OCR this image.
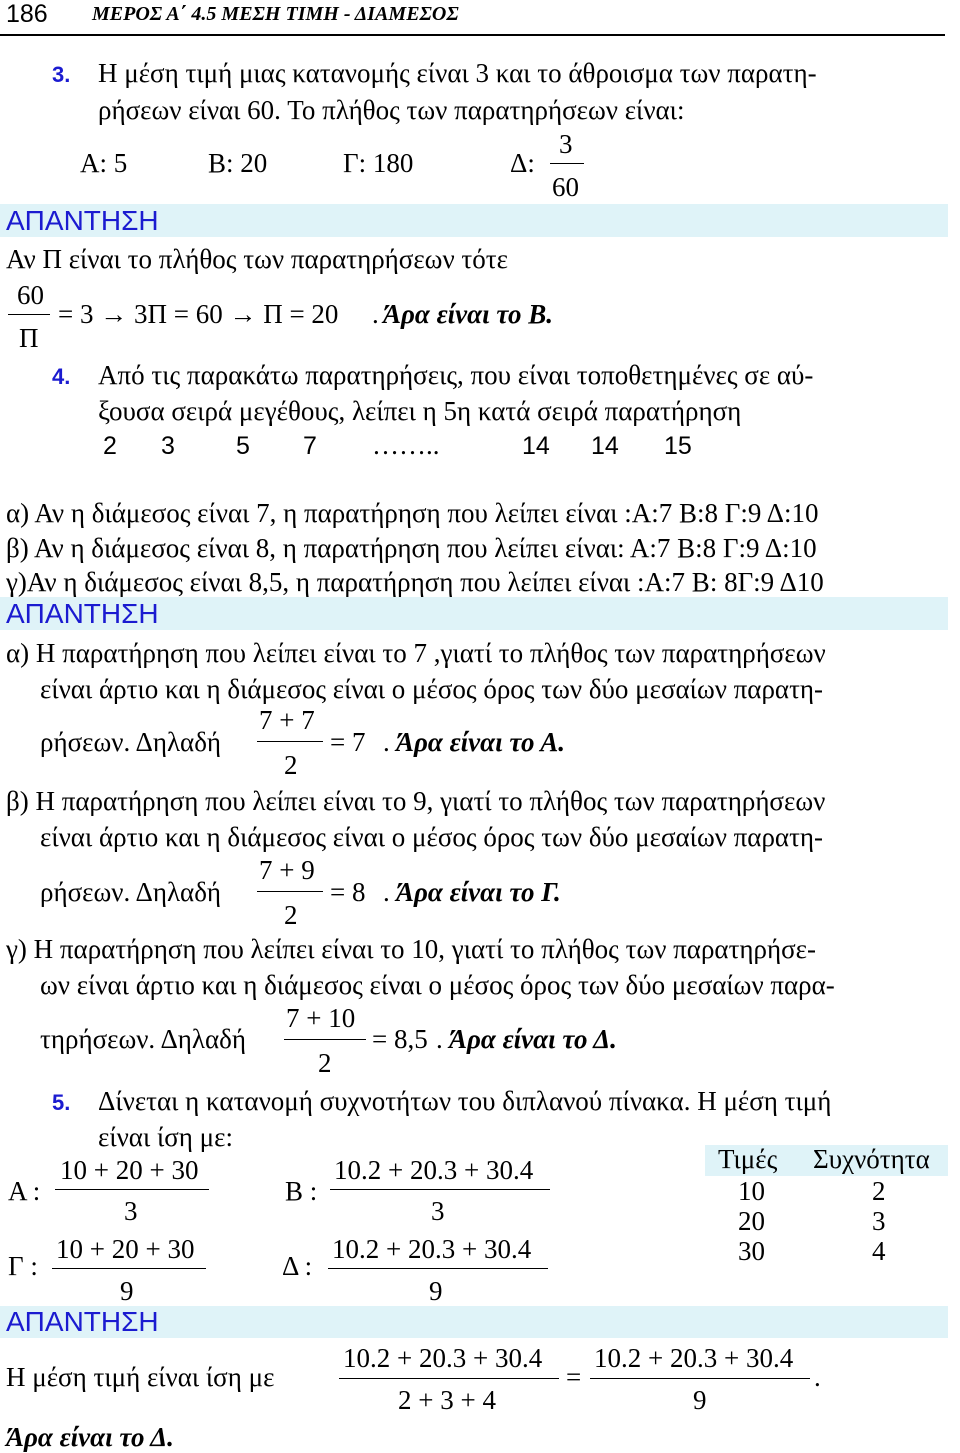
186 ΜΕΡΟΣ Α΄ 4.5 ΜΕΣΗ ΤΙΜΗ - ΔΙΑΜΕΣΟΣ
3. Η μέση τιμή μιας κατανομής είναι 3 και το άθροισμα των παρατη-
ρήσεων είναι 60. Το πλήθος των παρατηρήσεων είναι:
Α: 5	Β: 20	Γ: 180	Δ:
3
60
ΑΠΑΝΤΗΣΗ
Αν Π είναι το πλήθος των παρατηρήσεων τότε
60
Π
= 3 → 3Π = 60 → Π = 20 . Άρα είναι το Β.
4. Από τις παρακάτω παρατηρήσεις, που είναι τοποθετημένες σε αύ-
ξουσα σειρά μεγέθους, λείπει η 5η κατά σειρά παρατήρηση
2 3 5 7 ……..	14 14 15
α) Αν η διάμεσος είναι 7, η παρατήρηση που λείπει είναι :Α:7 Β:8 Γ:9 Δ:10
β) Αν η διάμεσος είναι 8, η παρατήρηση που λείπει είναι: Α:7 Β:8 Γ:9 Δ:10
γ)Αν η διάμεσος είναι 8,5, η παρατήρηση που λείπει είναι :Α:7 Β: 8Γ:9 Δ10
ΑΠΑΝΤΗΣΗ
α) Η παρατήρηση που λείπει είναι το 7 ,γιατί το πλήθος των παρατηρήσεων
είναι άρτιο και η διάμεσος είναι ο μέσος όρος των δύο μεσαίων παρατη-
ρήσεων. Δηλαδή
7 + 7
2
= 7 . Άρα είναι το Α.
β) Η παρατήρηση που λείπει είναι το 9, γιατί το πλήθος των παρατηρήσεων
είναι άρτιο και η διάμεσος είναι ο μέσος όρος των δύο μεσαίων παρατη-
ρήσεων. Δηλαδή
7 + 9
2
= 8 . Άρα είναι το Γ.
γ) Η παρατήρηση που λείπει είναι το 10, γιατί το πλήθος των παρατηρήσε-
ων είναι άρτιο και η διάμεσος είναι ο μέσος όρος των δύο μεσαίων παρα-
τηρήσεων. Δηλαδή
7 + 10
2
= 8,5 . Άρα είναι το Δ.
5. Δίνεται η κατανομή συχνοτήτων του διπλανού πίνακα. Η μέση τιμή
είναι ίση με:
Α :
10 + 20 + 30
3
Β :
10.2 + 20.3 + 30.4
3
Γ :
10 + 20 + 30
9
Δ :
10.2 + 20.3 + 30.4
9
Τιμές Συχνότητα
10	2
20	3
30	4
ΑΠΑΝΤΗΣΗ
Η μέση τιμή είναι ίση με
10.2 + 20.3 + 30.4
2 + 3 + 4
=
10.2 + 20.3 + 30.4
9
.
Άρα είναι το Δ.
